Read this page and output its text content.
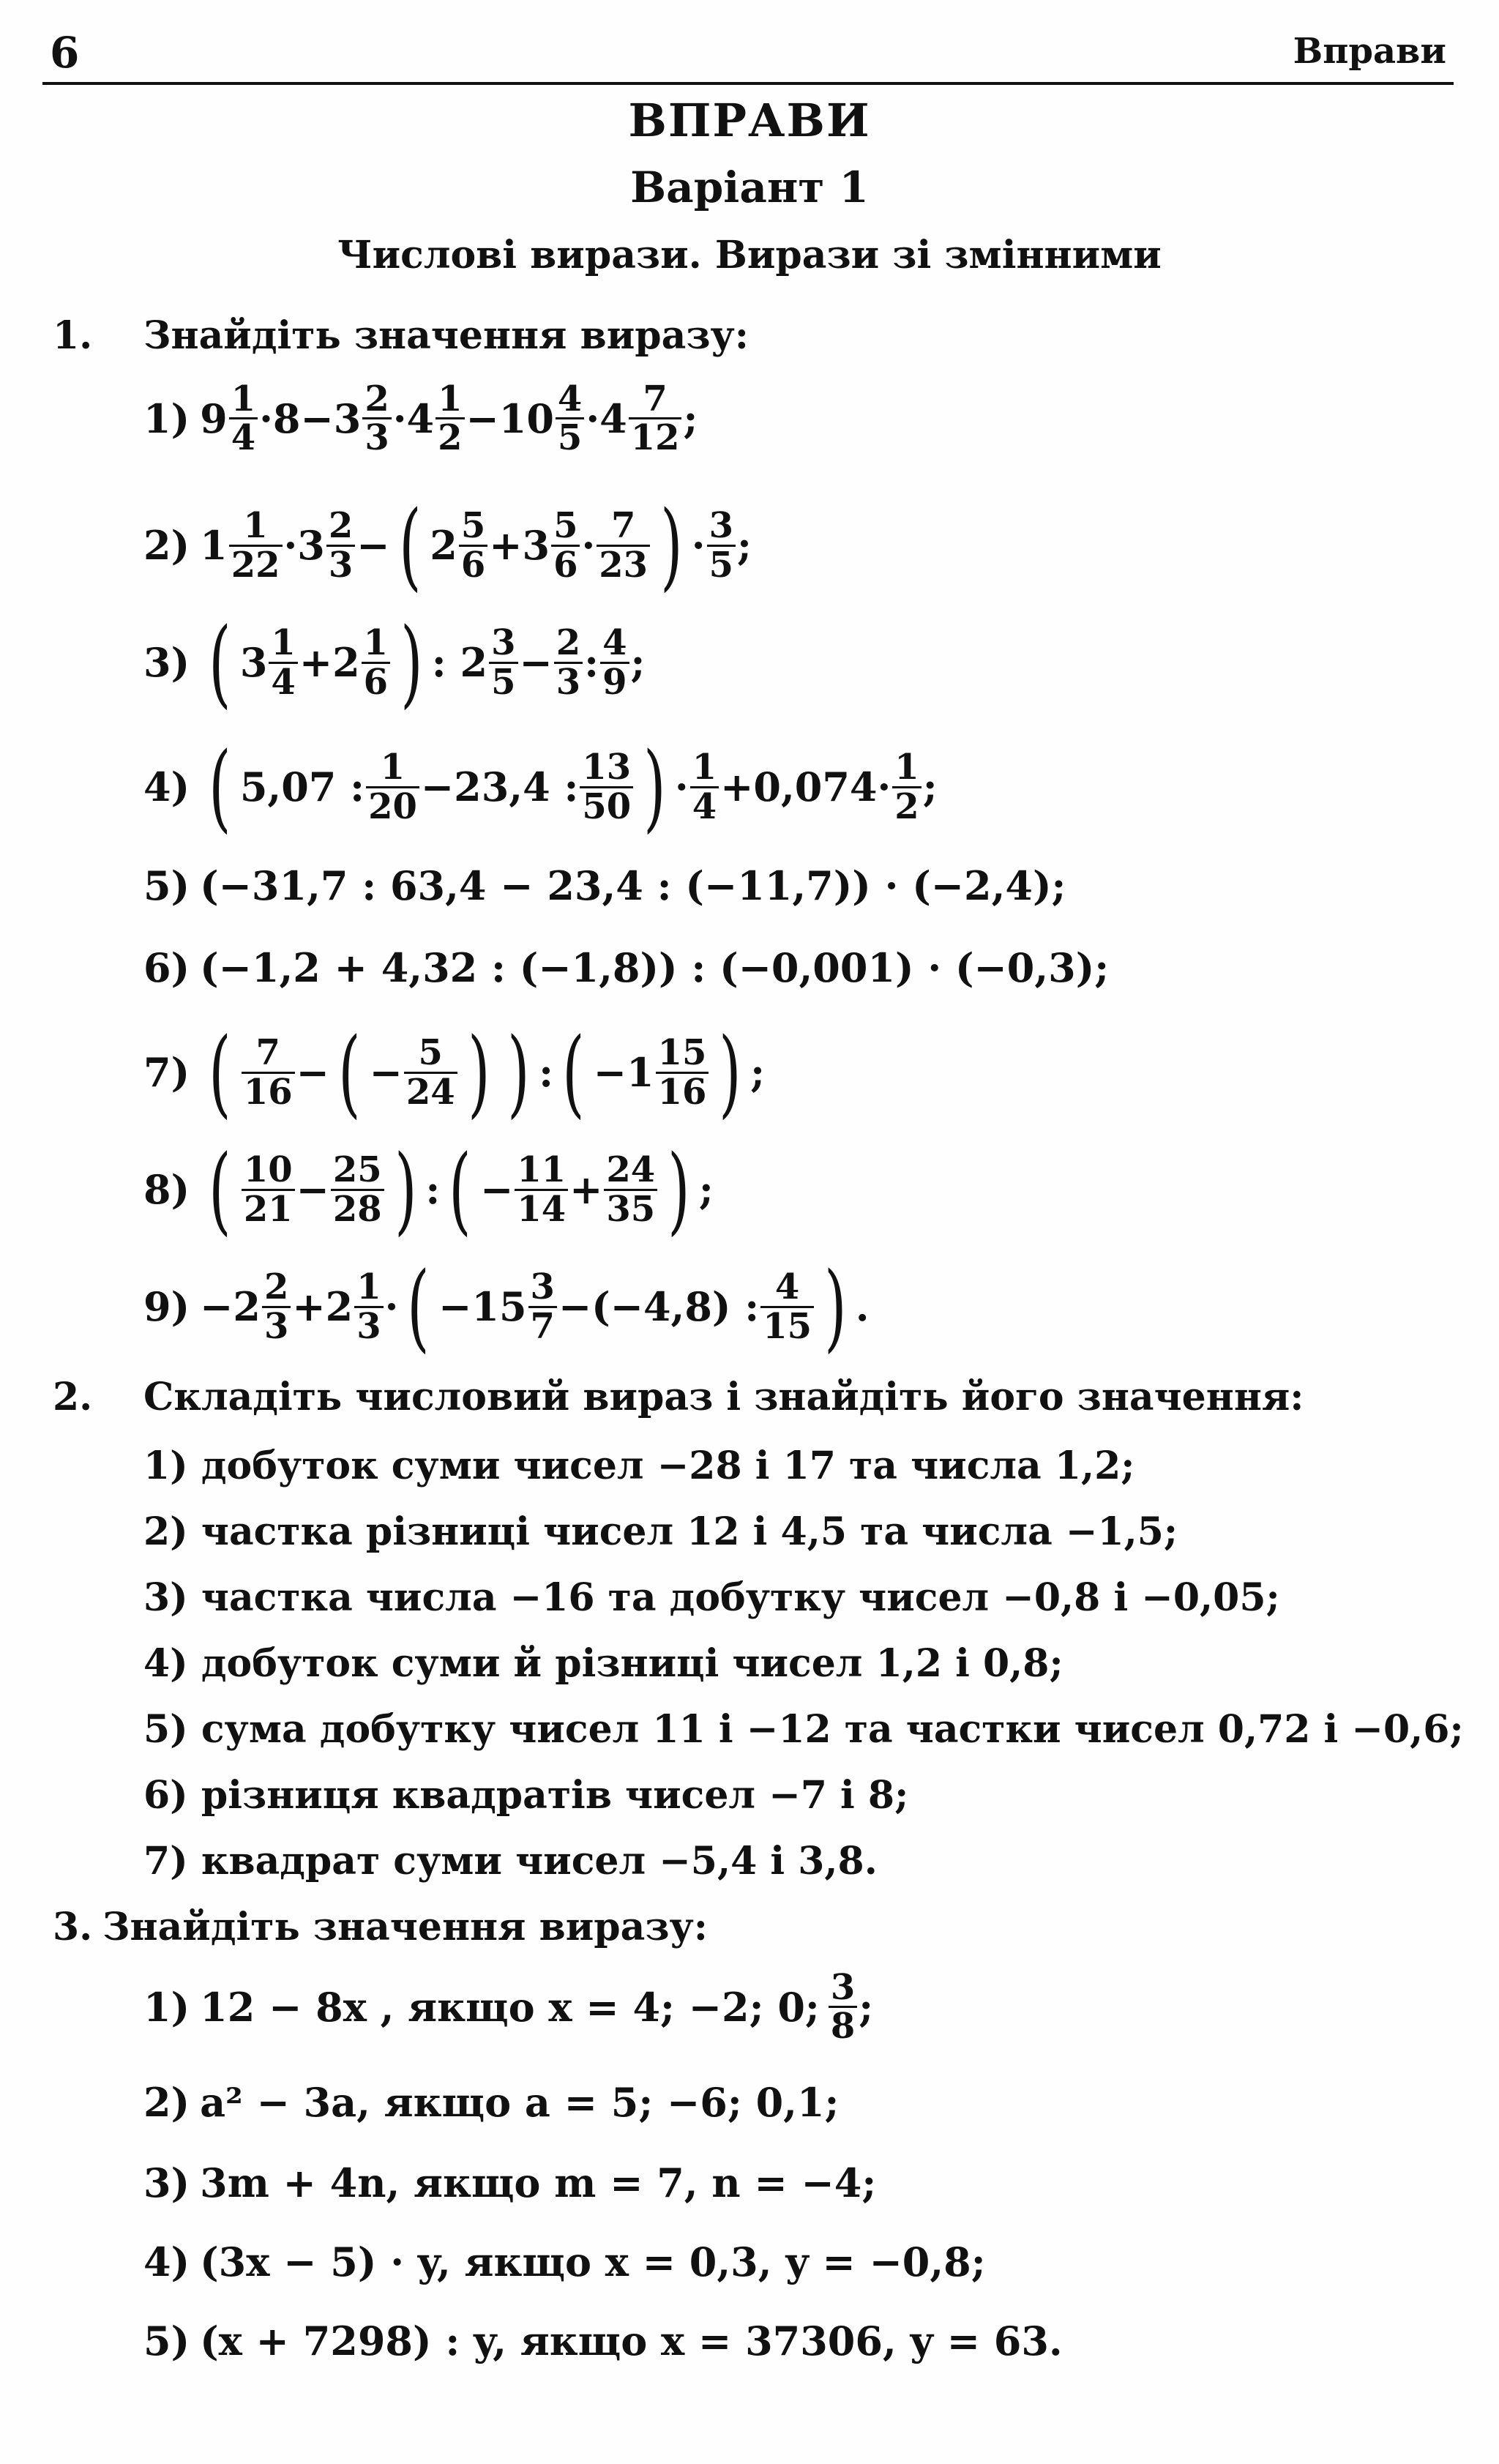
6	Вправи
ВПРАВИ
Варіант 1
Числові вирази. Вирази зі змінними
1. Знайдіть значення виразу:
1) $9 \frac{1}{4} \cdot 8-3 \frac{2}{3} \cdot 4 \frac{1}{2} -10 \frac{4}{5} \cdot 4 \frac{7}{12}$ ;
2) $1 \frac{1}{22} \cdot 3 \frac{2}{3}$ − ( $2 \frac{5}{6} +3 \frac{5}{6} \cdot \frac{7}{23}$ ) · $\frac{3}{5}$ ;
3) ( $3 \frac{1}{4} +2 \frac{1}{6}$ ) : $2 \frac{3}{5} - \frac{2}{3}$ : $\frac{4}{9}$ ;
4) ( 5,07 : $\frac{1}{20} -23,4$ : $\frac{13}{50}$ ) · $\frac{1}{4} +0,074\cdot \frac{1}{2}$ ;
5) (−31,7 : 63,4 − 23,4 : (−11,7)) · (−2,4);
6) (−1,2 + 4,32 : (−1,8)) : (−0,001) · (−0,3);
7) ( $\frac{7}{16}$ − ( − $\frac{5}{24}$ ) ) : ( $-1 \frac{15}{16}$ ) ;
8) ( $\frac{10}{21} - \frac{25}{28}$ ) : ( − $\frac{11}{14} + \frac{24}{35}$ ) ;
$9) -2 \frac{2}{3} +2 \frac{1}{3}$ · ( $-15 \frac{3}{7} -(-4,8)$ : $\frac{4}{15}$ ) .
2. Складіть числовий вираз і знайдіть його значення:
1) добуток суми чисел −28 і 17 та числа 1,2;
2) частка різниці чисел 12 і 4,5 та числа −1,5;
3) частка числа −16 та добутку чисел −0,8 і −0,05;
4) добуток суми й різниці чисел 1,2 і 0,8;
5) сума добутку чисел 11 і −12 та частки чисел 0,72 і −0,6;
6) різниця квадратів чисел −7 і 8;
7) квадрат суми чисел −5,4 і 3,8.
3. Знайдіть значення виразу:
1) 12 − 8x , якщо x = 4; −2; 0; $\frac{3}{8}$ ;
2) a² − 3a, якщо a = 5; −6; 0,1;
3) 3m + 4n, якщо m = 7, n = −4;
4) (3x − 5) · y, якщо x = 0,3, y = −0,8;
5) (x + 7298) : y, якщо x = 37306, y = 63.
